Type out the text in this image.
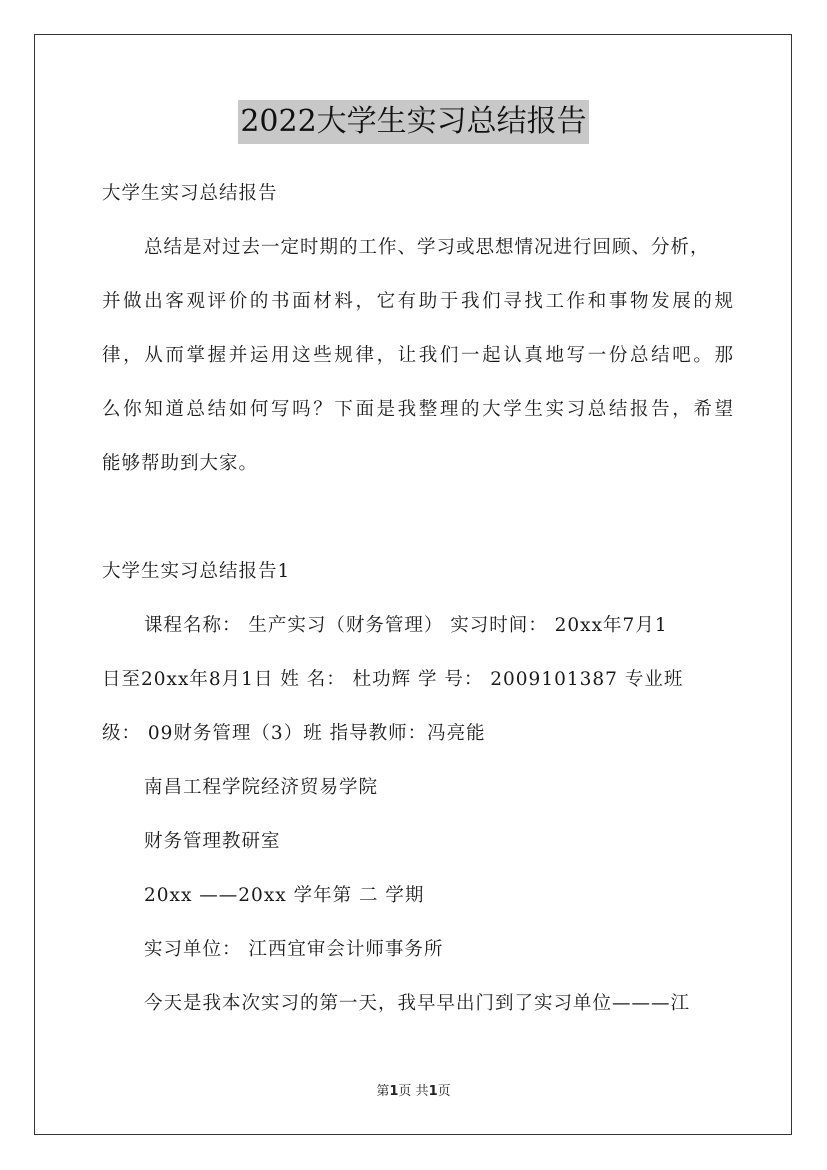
2022大学生实习总结报告
大学生实习总结报告
总结是对过去一定时期的工作、学习或思想情况进行回顾、分析，
并做出客观评价的书面材料，它有助于我们寻找工作和事物发展的规
律，从而掌握并运用这些规律，让我们一起认真地写一份总结吧。那
么你知道总结如何写吗？下面是我整理的大学生实习总结报告，希望
能够帮助到大家。
大学生实习总结报告1
课程名称： 生产实习（财务管理） 实习时间： 20xx年7月1
日至20xx年8月1日 姓 名： 杜功辉 学 号： 2009101387 专业班
级： 09财务管理（3）班 指导教师：冯亮能
南昌工程学院经济贸易学院
财务管理教研室
20xx ——20xx 学年第 二 学期
实习单位： 江西宜审会计师事务所
今天是我本次实习的第一天，我早早出门到了实习单位———江
第1页 共1页
